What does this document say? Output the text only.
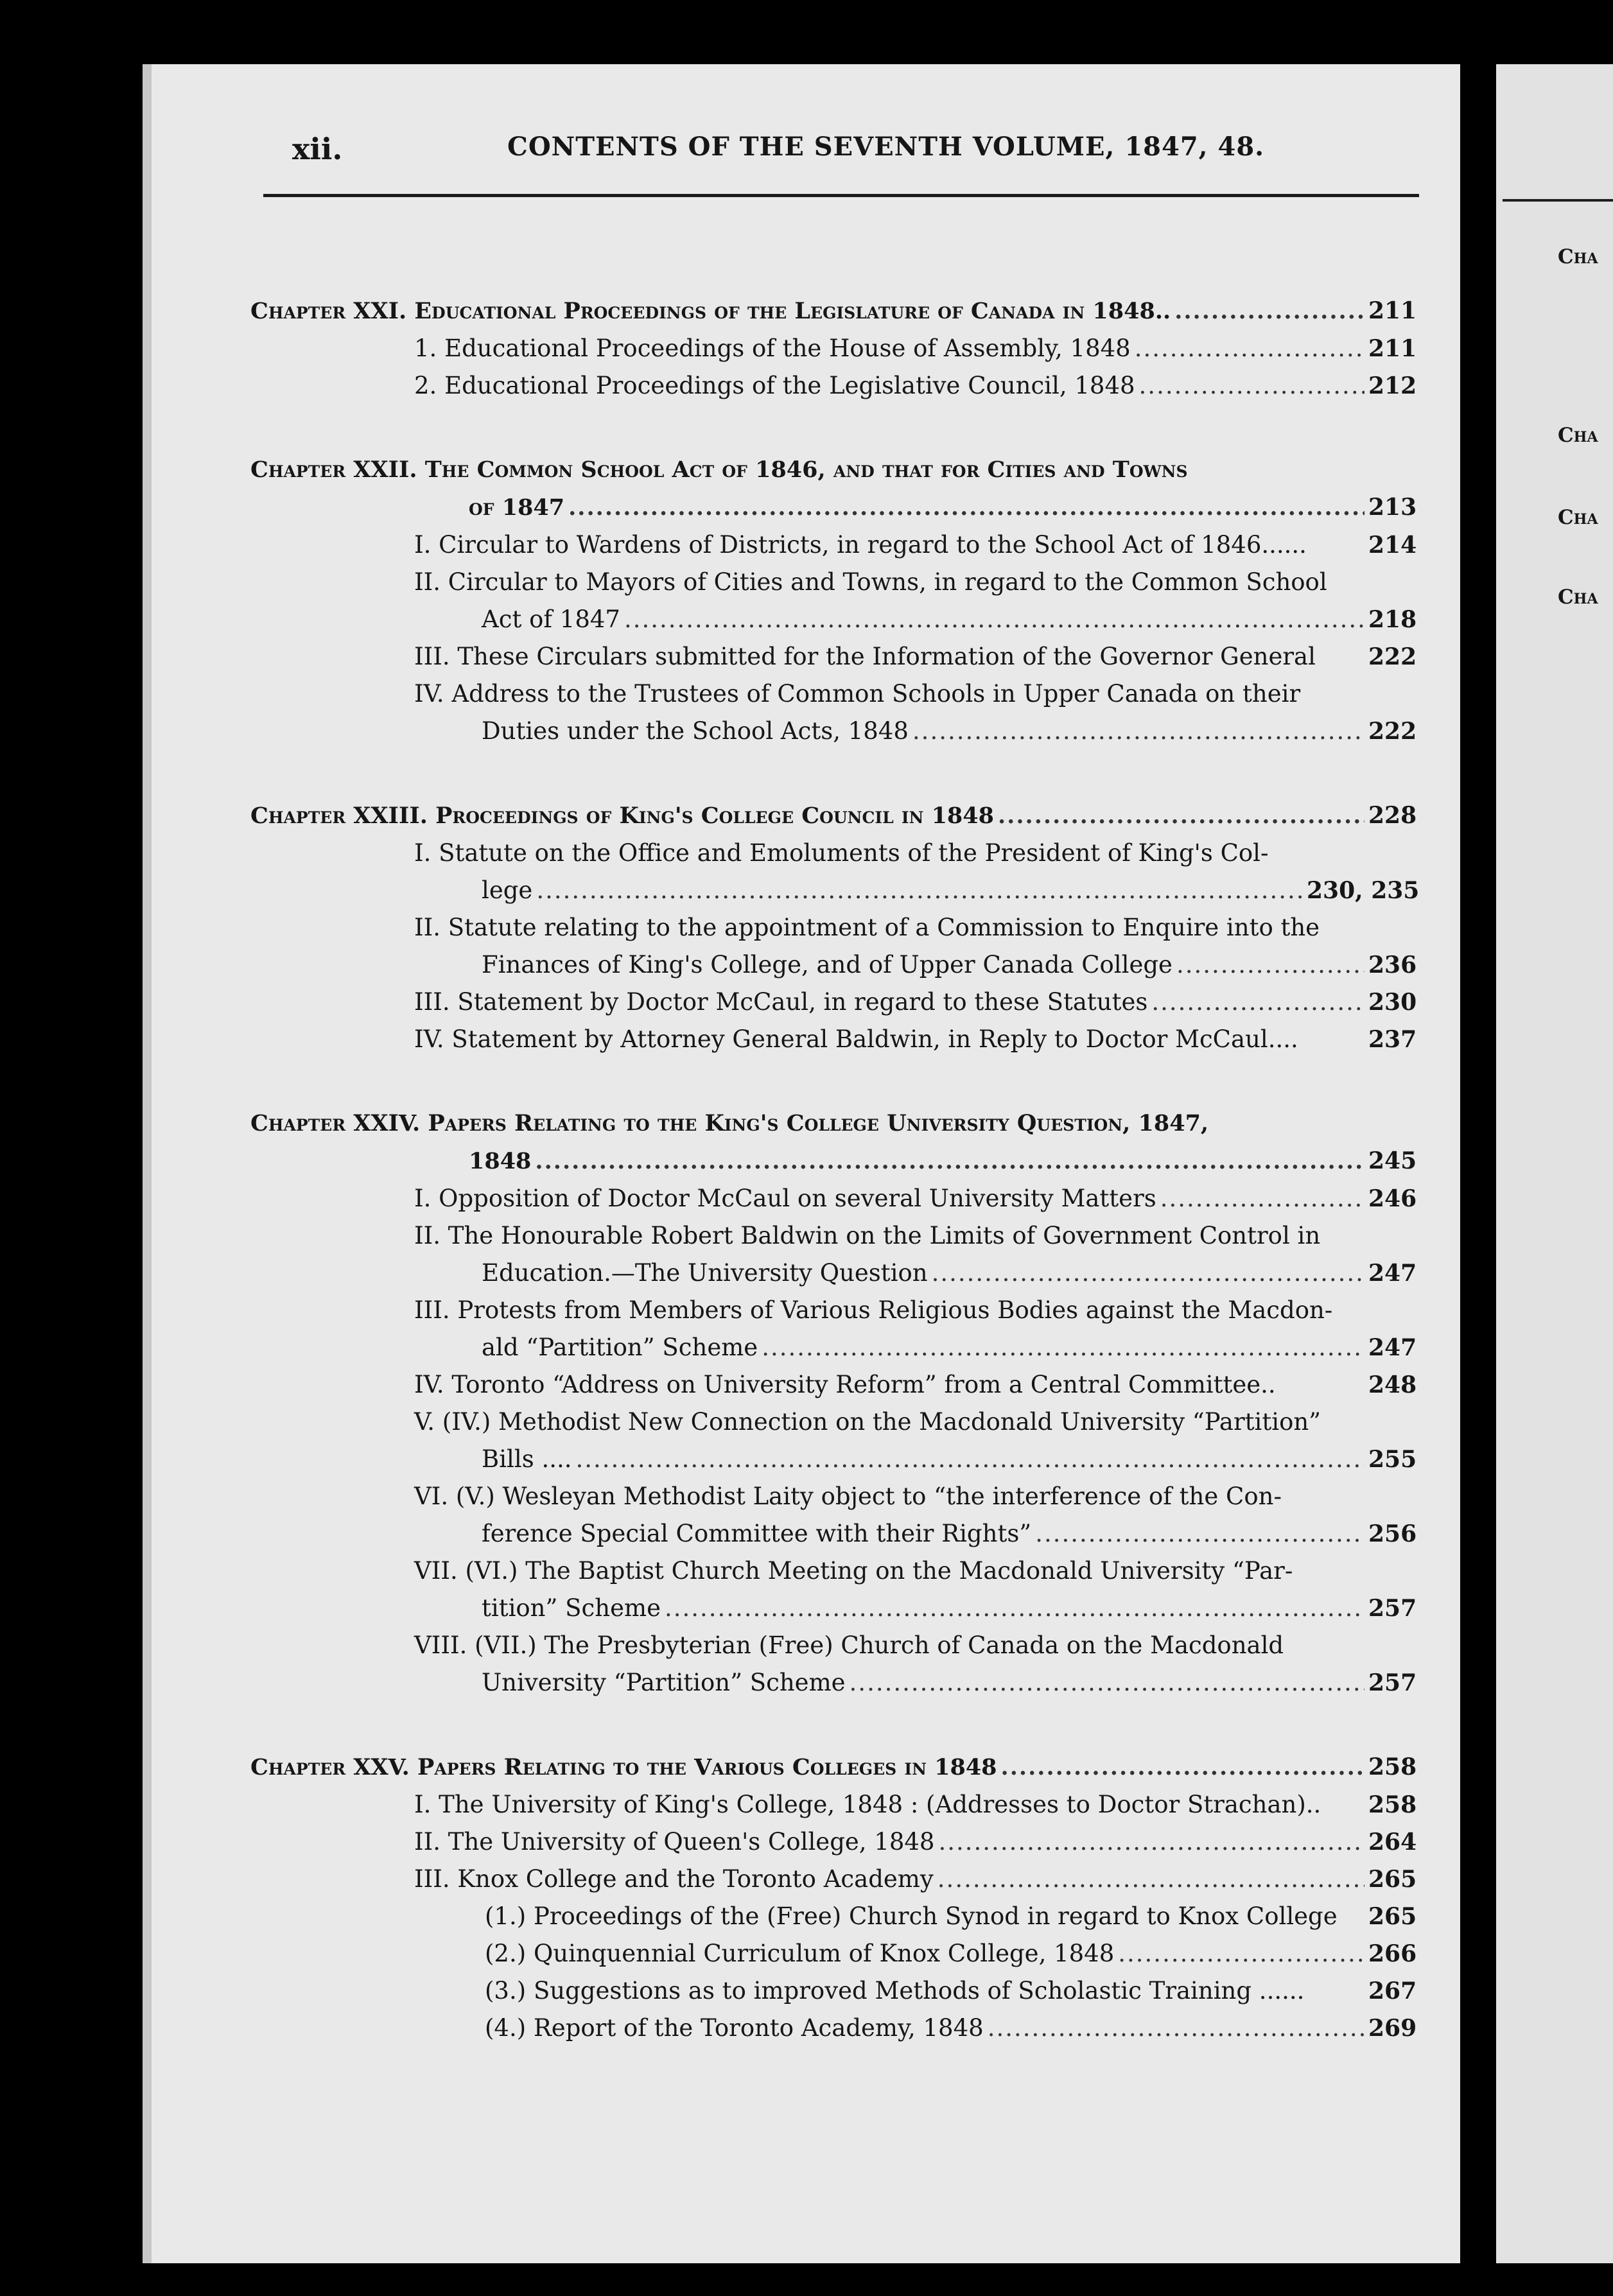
Cha
Cha
Cha
Cha
xii.	CONTENTS OF THE SEVENTH VOLUME, 1847, 48.
Chapter XXI.
Educational Proceedings of the Legislature of Canada in 1848.. .....	211
1.
Educational Proceedings of the House of Assembly, 1848 .....	211
2.
Educational Proceedings of the Legislative Council, 1848 .....	212
Chapter XXII.
The Common School Act of 1846, and that for Cities and Towns
of 1847 .....	213
I.
Circular to Wardens of Districts, in regard to the School Act of 1846......	214
II.
Circular to Mayors of Cities and Towns, in regard to the Common School
Act of 1847 .....	218
III.
These Circulars submitted for the Information of the Governor General 222
IV.
Address to the Trustees of Common Schools in Upper Canada on their
Duties under the School Acts, 1848 .....	222
Chapter XXIII.
Proceedings of King's College Council in 1848 .....	228
I.
Statute on the Office and Emoluments of the President of King's Col-
lege .....	230, 235
II.
Statute relating to the appointment of a Commission to Enquire into the
Finances of King's College, and of Upper Canada College .....	236
III.
Statement by Doctor McCaul, in regard to these Statutes .....	230
IV.
Statement by Attorney General Baldwin, in Reply to Doctor McCaul....	237
Chapter XXIV.
Papers Relating to the King's College University Question, 1847,
1848 .....	245
I.
Opposition of Doctor McCaul on several University Matters .....	246
II.
The Honourable Robert Baldwin on the Limits of Government Control in
Education.—The University Question .....	247
III.
Protests from Members of Various Religious Bodies against the Macdon-
ald “Partition” Scheme .....	247
IV.
Toronto “Address on University Reform” from a Central Committee..	248
V.
(IV.) Methodist New Connection on the Macdonald University “Partition”
Bills .... .....	255
VI.
(V.) Wesleyan Methodist Laity object to “the interference of the Con-
ference Special Committee with their Rights” .....	256
VII.
(VI.) The Baptist Church Meeting on the Macdonald University “Par-
tition” Scheme .....	257
VIII.
(VII.) The Presbyterian (Free) Church of Canada on the Macdonald
University “Partition” Scheme .....	257
Chapter XXV.
Papers Relating to the Various Colleges in 1848 .....	258
I.
The University of King's College, 1848 : (Addresses to Doctor Strachan).. 258
II.
The University of Queen's College, 1848 .....	264
III.
Knox College and the Toronto Academy .....	265
(1.)
Proceedings of the (Free) Church Synod in regard to Knox College 265
(2.)
Quinquennial Curriculum of Knox College, 1848 .....	266
(3.)
Suggestions as to improved Methods of Scholastic Training ......	267
(4.)
Report of the Toronto Academy, 1848 .....	269
